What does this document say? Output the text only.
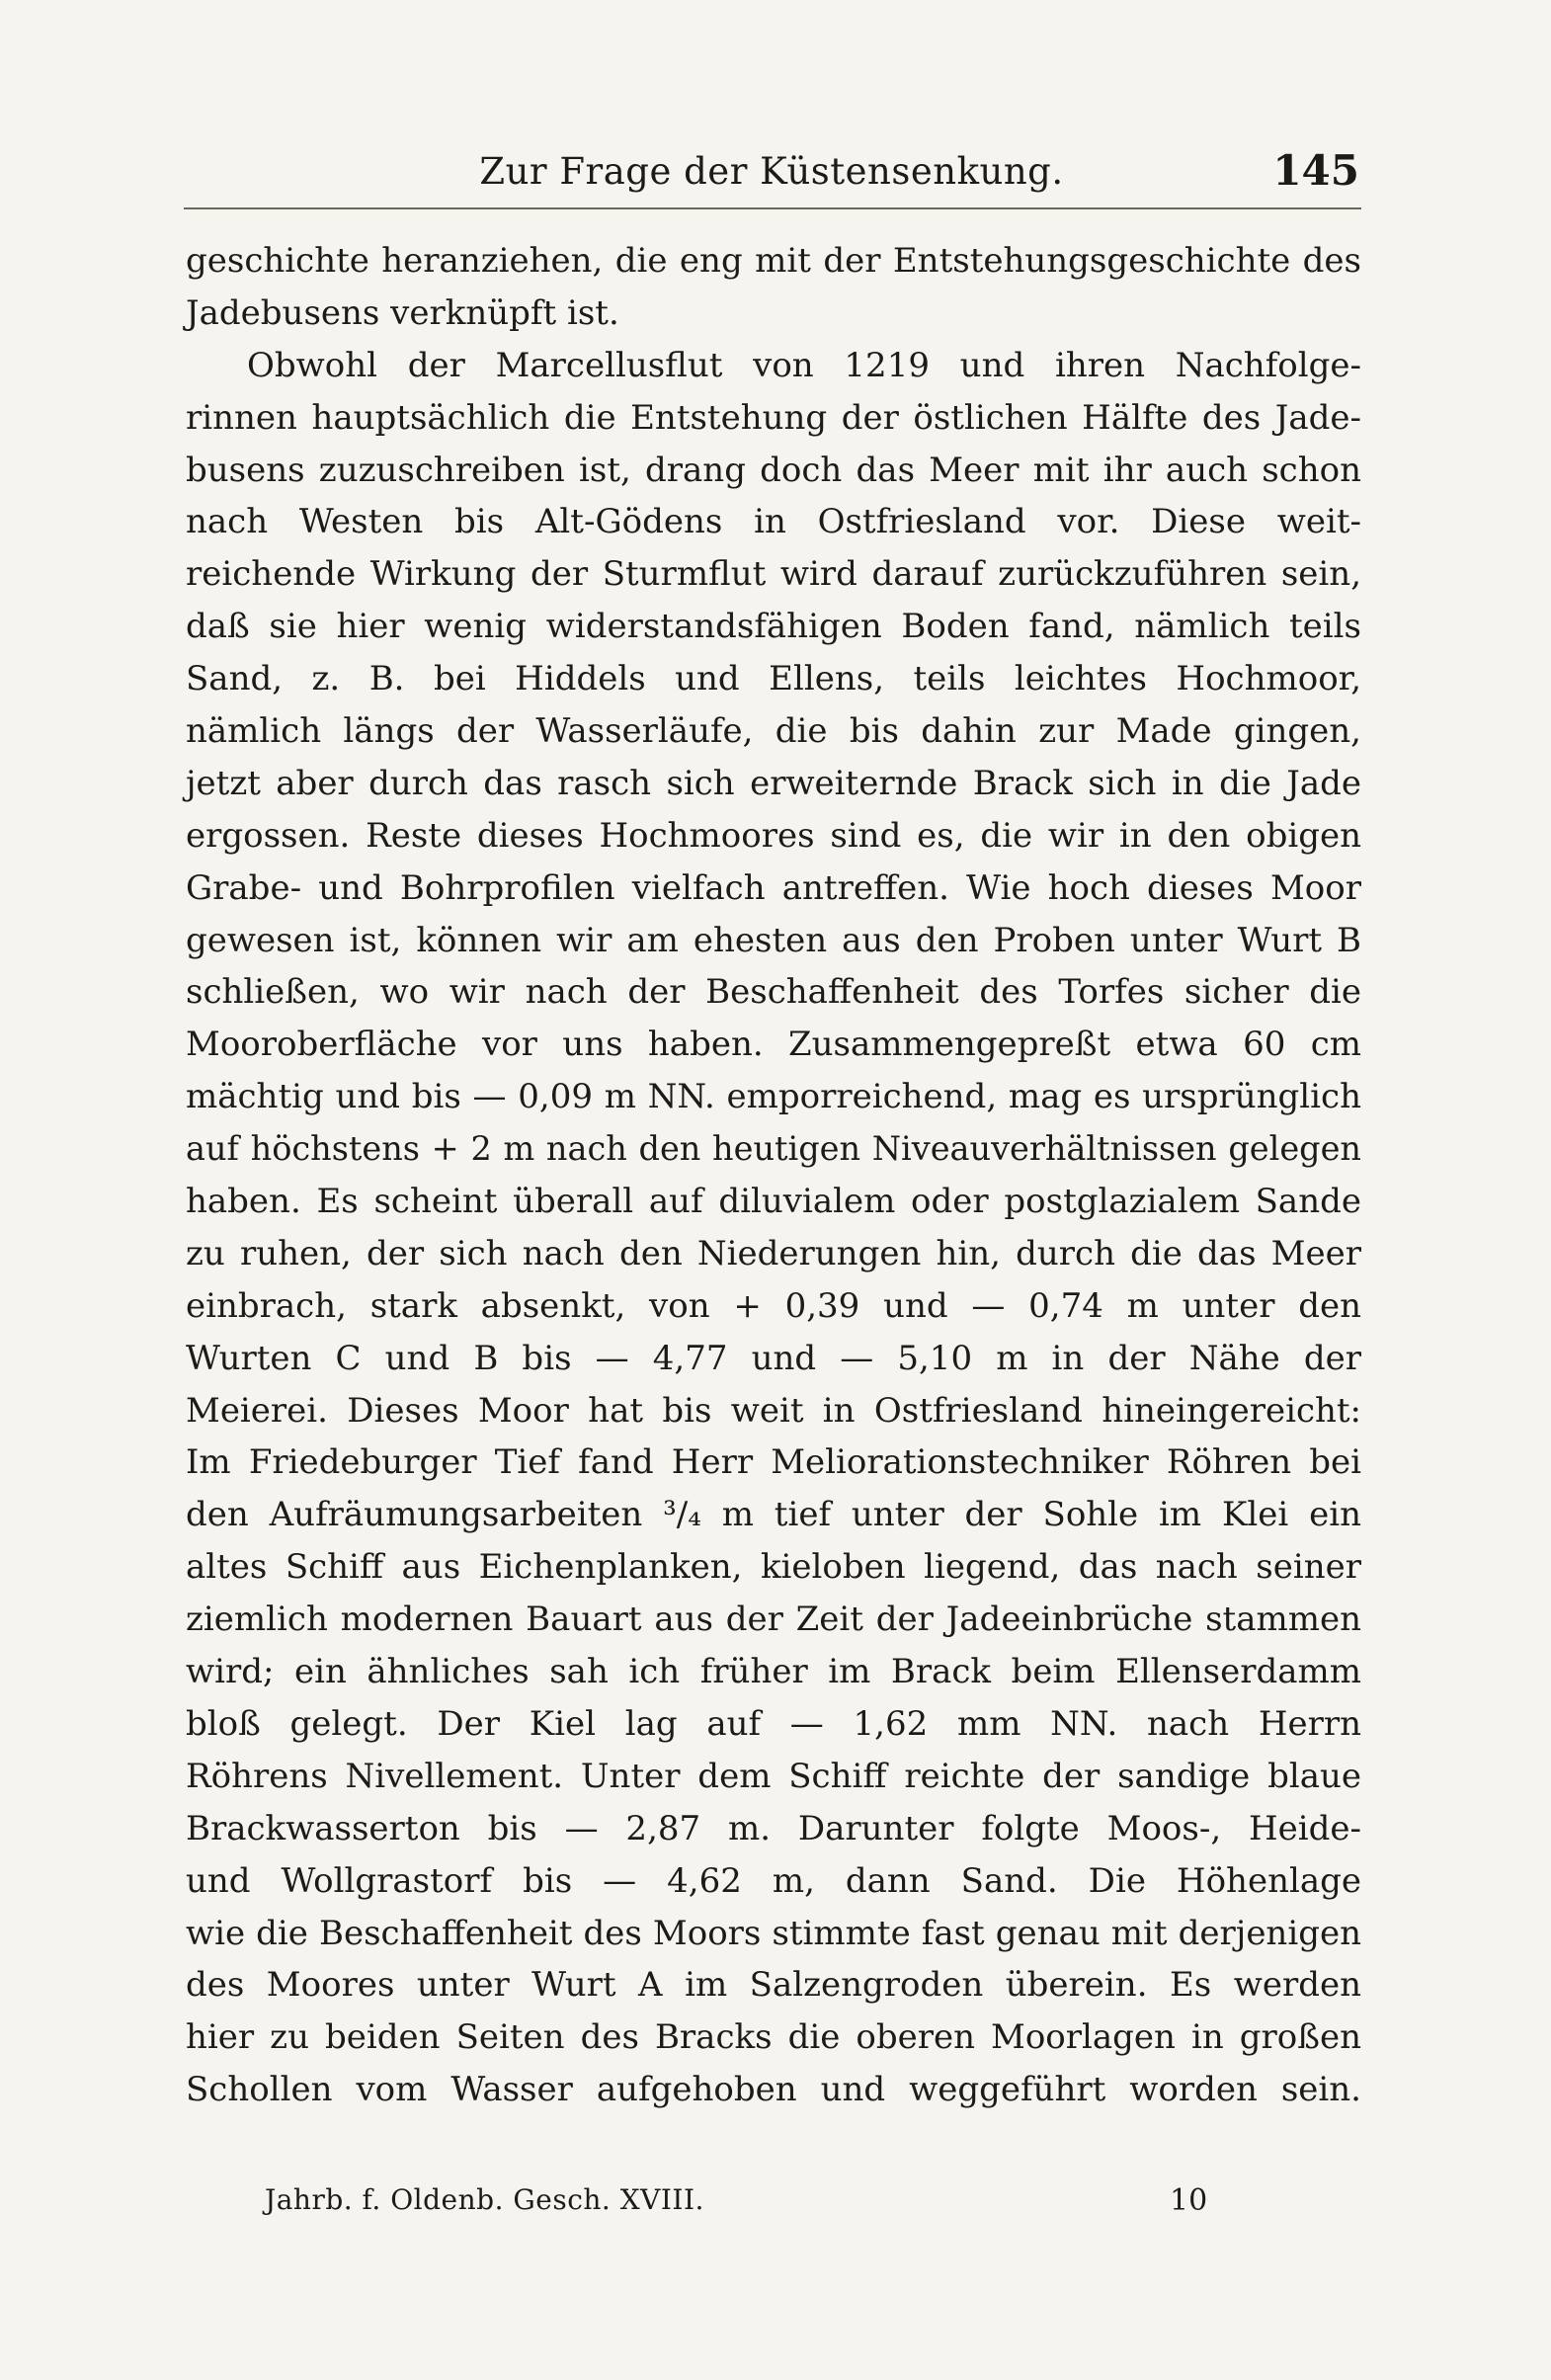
Zur Frage der Küstensenkung.	145
geschichte heranziehen, die eng mit der Entstehungsgeschichte des
Jadebusens verknüpft ist.
Obwohl der Marcellusflut von 1219 und ihren Nachfolge-
rinnen hauptsächlich die Entstehung der östlichen Hälfte des Jade-
busens zuzuschreiben ist, drang doch das Meer mit ihr auch schon
nach Westen bis Alt-Gödens in Ostfriesland vor. Diese weit-
reichende Wirkung der Sturmflut wird darauf zurückzuführen sein,
daß sie hier wenig widerstandsfähigen Boden fand, nämlich teils
Sand, z. B. bei Hiddels und Ellens, teils leichtes Hochmoor,
nämlich längs der Wasserläufe, die bis dahin zur Made gingen,
jetzt aber durch das rasch sich erweiternde Brack sich in die Jade
ergossen. Reste dieses Hochmoores sind es, die wir in den obigen
Grabe- und Bohrprofilen vielfach antreffen. Wie hoch dieses Moor
gewesen ist, können wir am ehesten aus den Proben unter Wurt B
schließen, wo wir nach der Beschaffenheit des Torfes sicher die
Mooroberfläche vor uns haben. Zusammengepreßt etwa 60 cm
mächtig und bis — 0,09 m NN. emporreichend, mag es ursprünglich
auf höchstens + 2 m nach den heutigen Niveauverhältnissen gelegen
haben. Es scheint überall auf diluvialem oder postglazialem Sande
zu ruhen, der sich nach den Niederungen hin, durch die das Meer
einbrach, stark absenkt, von + 0,39 und — 0,74 m unter den
Wurten C und B bis — 4,77 und — 5,10 m in der Nähe der
Meierei. Dieses Moor hat bis weit in Ostfriesland hineingereicht:
Im Friedeburger Tief fand Herr Meliorationstechniker Röhren bei
den Aufräumungsarbeiten ³/₄ m tief unter der Sohle im Klei ein
altes Schiff aus Eichenplanken, kieloben liegend, das nach seiner
ziemlich modernen Bauart aus der Zeit der Jadeeinbrüche stammen
wird; ein ähnliches sah ich früher im Brack beim Ellenserdamm
bloß gelegt. Der Kiel lag auf — 1,62 mm NN. nach Herrn
Röhrens Nivellement. Unter dem Schiff reichte der sandige blaue
Brackwasserton bis — 2,87 m. Darunter folgte Moos-, Heide-
und Wollgrastorf bis — 4,62 m, dann Sand. Die Höhenlage
wie die Beschaffenheit des Moors stimmte fast genau mit derjenigen
des Moores unter Wurt A im Salzengroden überein. Es werden
hier zu beiden Seiten des Bracks die oberen Moorlagen in großen
Schollen vom Wasser aufgehoben und weggeführt worden sein.
Jahrb. f. Oldenb. Gesch. XVIII.	10
